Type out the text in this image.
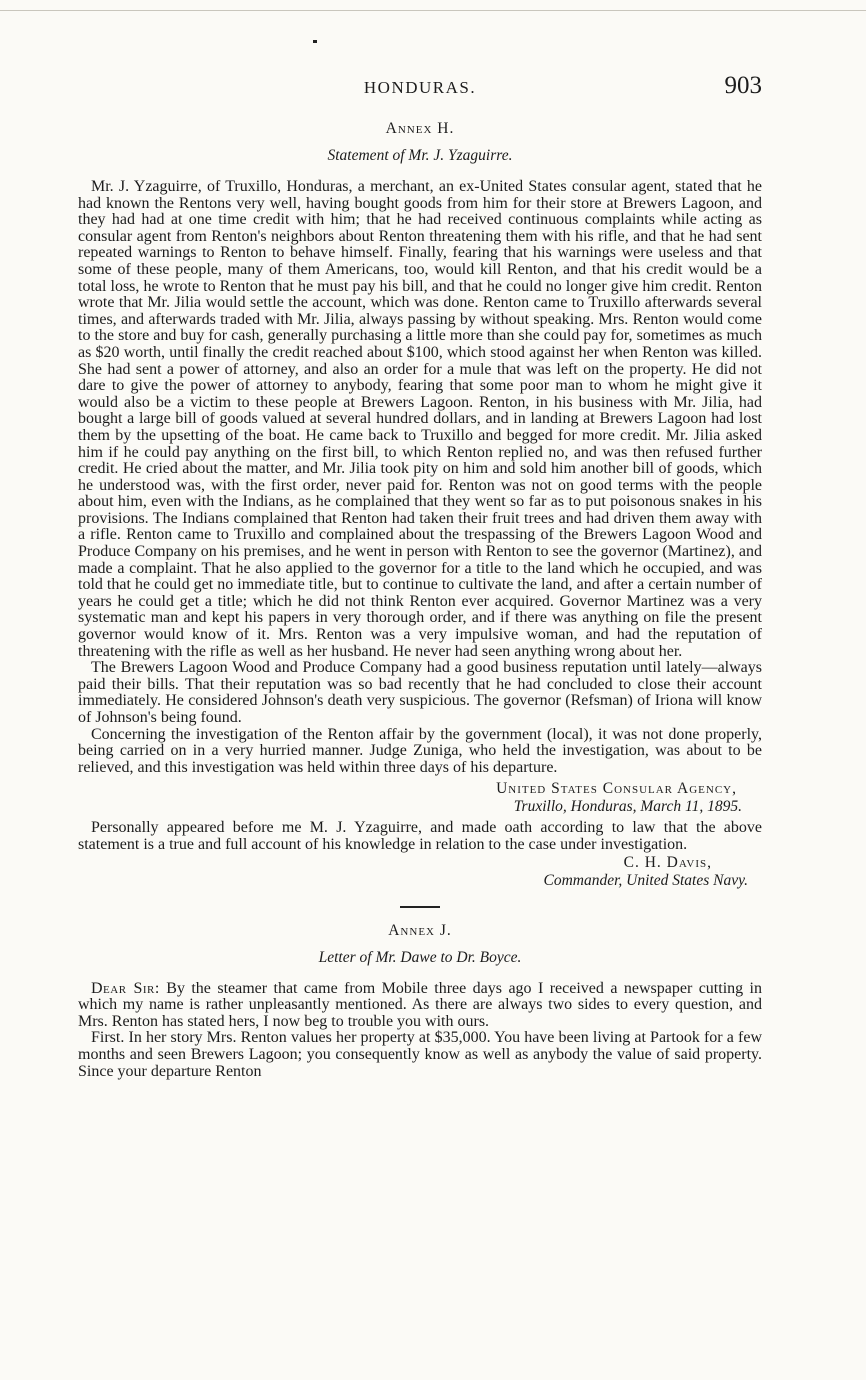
HONDURAS.	903
Annex H.
Statement of Mr. J. Yzaguirre.

Mr. J. Yzaguirre, of Truxillo, Honduras, a merchant, an ex-United States consular agent, stated that he had known the Rentons very well, having bought goods from him for their store at Brewers Lagoon, and they had had at one time credit with him; that he had received continuous complaints while acting as consular agent from Renton's neighbors about Renton threatening them with his rifle, and that he had sent repeated warnings to Renton to behave himself. Finally, fearing that his warnings were useless and that some of these people, many of them Americans, too, would kill Renton, and that his credit would be a total loss, he wrote to Renton that he must pay his bill, and that he could no longer give him credit. Renton wrote that Mr. Jilia would settle the account, which was done. Renton came to Truxillo afterwards several times, and afterwards traded with Mr. Jilia, always passing by without speaking. Mrs. Renton would come to the store and buy for cash, generally purchasing a little more than she could pay for, sometimes as much as $20 worth, until finally the credit reached about $100, which stood against her when Renton was killed. She had sent a power of attorney, and also an order for a mule that was left on the property. He did not dare to give the power of attorney to anybody, fearing that some poor man to whom he might give it would also be a victim to these people at Brewers Lagoon. Renton, in his business with Mr. Jilia, had bought a large bill of goods valued at several hundred dollars, and in landing at Brewers Lagoon had lost them by the upsetting of the boat. He came back to Truxillo and begged for more credit. Mr. Jilia asked him if he could pay anything on the first bill, to which Renton replied no, and was then refused further credit. He cried about the matter, and Mr. Jilia took pity on him and sold him another bill of goods, which he understood was, with the first order, never paid for. Renton was not on good terms with the people about him, even with the Indians, as he complained that they went so far as to put poisonous snakes in his provisions. The Indians complained that Renton had taken their fruit trees and had driven them away with a rifle. Renton came to Truxillo and complained about the trespassing of the Brewers Lagoon Wood and Produce Company on his premises, and he went in person with Renton to see the governor (Martinez), and made a complaint. That he also applied to the governor for a title to the land which he occupied, and was told that he could get no immediate title, but to continue to cultivate the land, and after a certain number of years he could get a title; which he did not think Renton ever acquired. Governor Martinez was a very systematic man and kept his papers in very thorough order, and if there was anything on file the present governor would know of it. Mrs. Renton was a very impulsive woman, and had the reputation of threatening with the rifle as well as her husband. He never had seen anything wrong about her.

The Brewers Lagoon Wood and Produce Company had a good business reputation until lately—always paid their bills. That their reputation was so bad recently that he had concluded to close their account immediately. He considered Johnson's death very suspicious. The governor (Refsman) of Iriona will know of Johnson's being found.

Concerning the investigation of the Renton affair by the government (local), it was not done properly, being carried on in a very hurried manner. Judge Zuniga, who held the investigation, was about to be relieved, and this investigation was held within three days of his departure.

United States Consular Agency,
Truxillo, Honduras, March 11, 1895.

Personally appeared before me M. J. Yzaguirre, and made oath according to law that the above statement is a true and full account of his knowledge in relation to the case under investigation.

C. H. Davis,
Commander, United States Navy.

Annex J.
Letter of Mr. Dawe to Dr. Boyce.

Dear Sir: By the steamer that came from Mobile three days ago I received a newspaper cutting in which my name is rather unpleasantly mentioned. As there are always two sides to every question, and Mrs. Renton has stated hers, I now beg to trouble you with ours.

First. In her story Mrs. Renton values her property at $35,000. You have been living at Partook for a few months and seen Brewers Lagoon; you consequently know as well as anybody the value of said property. Since your departure Renton
